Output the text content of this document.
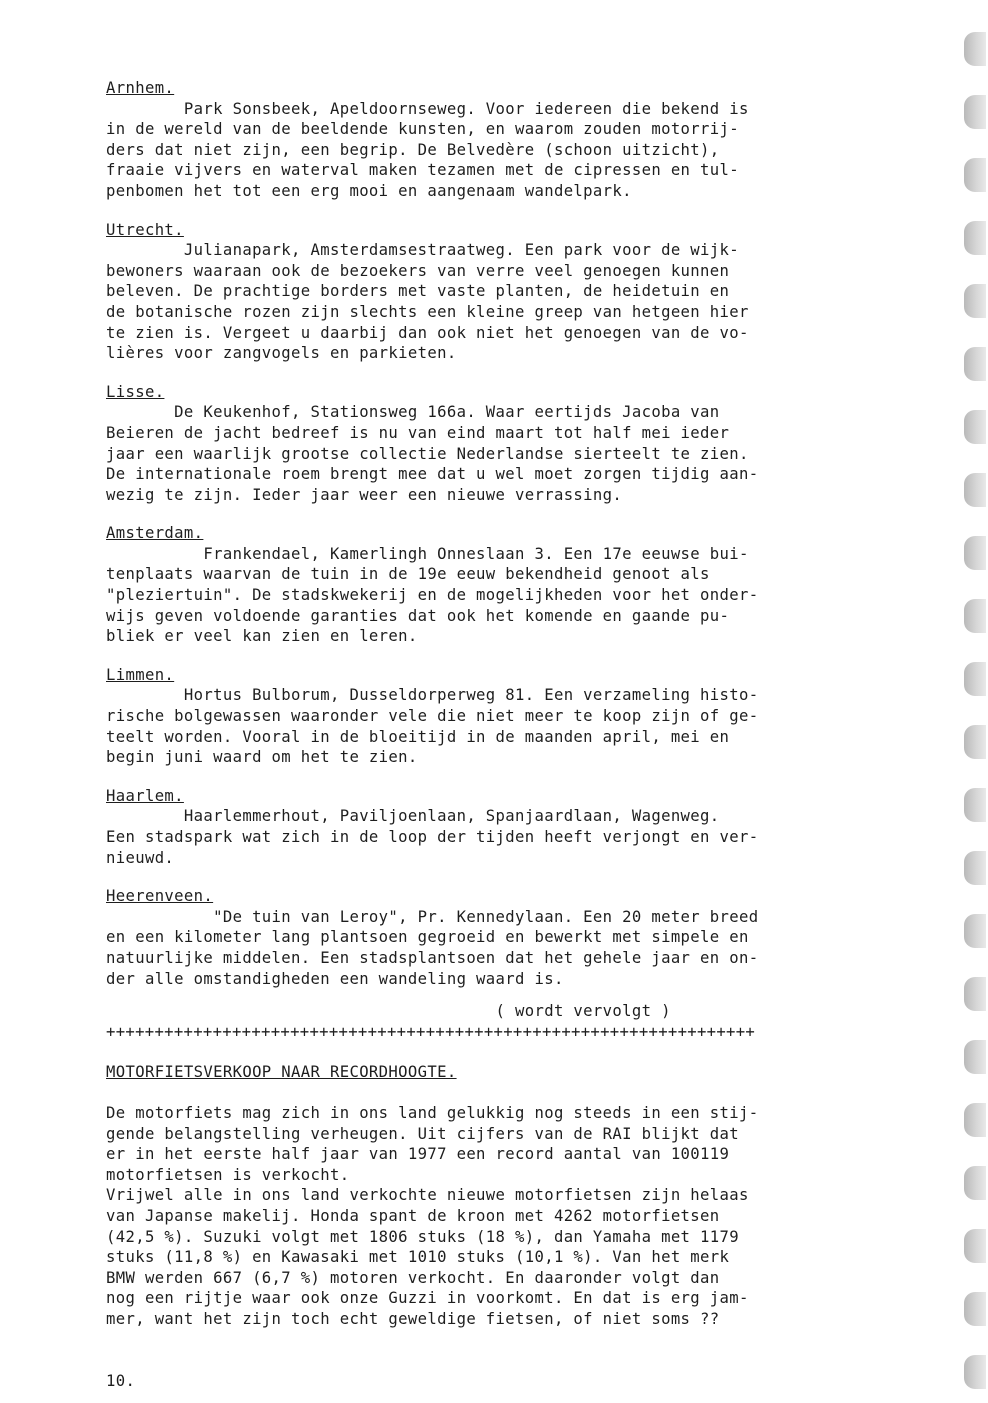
Arnhem.
Park Sonsbeek, Apeldoornseweg. Voor iedereen die bekend is
in de wereld van de beeldende kunsten, en waarom zouden motorrij-
ders dat niet zijn, een begrip. De Belvedère (schoon uitzicht),
fraaie vijvers en waterval maken tezamen met de cipressen en tul-
penbomen het tot een erg mooi en aangenaam wandelpark.
Utrecht.
Julianapark, Amsterdamsestraatweg. Een park voor de wijk-
bewoners waaraan ook de bezoekers van verre veel genoegen kunnen
beleven. De prachtige borders met vaste planten, de heidetuin en
de botanische rozen zijn slechts een kleine greep van hetgeen hier
te zien is. Vergeet u daarbij dan ook niet het genoegen van de vo-
lières voor zangvogels en parkieten.
Lisse.
De Keukenhof, Stationsweg 166a. Waar eertijds Jacoba van
Beieren de jacht bedreef is nu van eind maart tot half mei ieder
jaar een waarlijk grootse collectie Nederlandse sierteelt te zien.
De internationale roem brengt mee dat u wel moet zorgen tijdig aan-
wezig te zijn. Ieder jaar weer een nieuwe verrassing.
Amsterdam.
Frankendael, Kamerlingh Onneslaan 3. Een 17e eeuwse bui-
tenplaats waarvan de tuin in de 19e eeuw bekendheid genoot als
"pleziertuin". De stadskwekerij en de mogelijkheden voor het onder-
wijs geven voldoende garanties dat ook het komende en gaande pu-
bliek er veel kan zien en leren.
Limmen.
Hortus Bulborum, Dusseldorperweg 81. Een verzameling histo-
rische bolgewassen waaronder vele die niet meer te koop zijn of ge-
teelt worden. Vooral in de bloeitijd in de maanden april, mei en
begin juni waard om het te zien.
Haarlem.
Haarlemmerhout, Paviljoenlaan, Spanjaardlaan, Wagenweg.
Een stadspark wat zich in de loop der tijden heeft verjongt en ver-
nieuwd.
Heerenveen.
"De tuin van Leroy", Pr. Kennedylaan. Een 20 meter breed
en een kilometer lang plantsoen gegroeid en bewerkt met simpele en
natuurlijke middelen. Een stadsplantsoen dat het gehele jaar en on-
der alle omstandigheden een wandeling waard is.
( wordt vervolgt )
+++++++++++++++++++++++++++++++++++++++++++++++++++++++++++++++++++
MOTORFIETSVERKOOP NAAR RECORDHOOGTE.
De motorfiets mag zich in ons land gelukkig nog steeds in een stij-
gende belangstelling verheugen. Uit cijfers van de RAI blijkt dat
er in het eerste half jaar van 1977 een record aantal van 100119
motorfietsen is verkocht.
Vrijwel alle in ons land verkochte nieuwe motorfietsen zijn helaas
van Japanse makelij. Honda spant de kroon met 4262 motorfietsen
(42,5 %). Suzuki volgt met 1806 stuks (18 %), dan Yamaha met 1179
stuks (11,8 %) en Kawasaki met 1010 stuks (10,1 %). Van het merk
BMW werden 667 (6,7 %) motoren verkocht. En daaronder volgt dan
nog een rijtje waar ook onze Guzzi in voorkomt. En dat is erg jam-
mer, want het zijn toch echt geweldige fietsen, of niet soms ??
10.
